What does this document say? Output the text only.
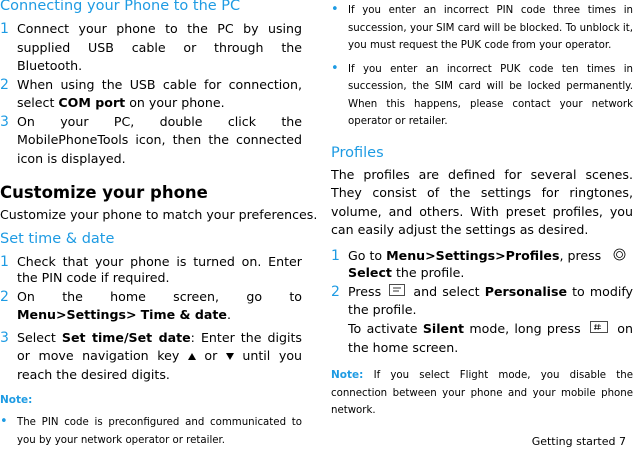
Connecting your Phone to the PC
1 Connect your phone to the PC by using supplied USB cable or through the Bluetooth.
2 When using the USB cable for connection, select COM port on your phone.
3 On your PC, double click the MobilePhoneTools icon, then the connected icon is displayed.
Customize your phone
Customize your phone to match your preferences.
Set time & date
1 Check that your phone is turned on. Enter the PIN code if required.
2 On the home screen, go to Menu>Settings> Time & date.
3 Select Set time/Set date: Enter the digits or move navigation key  or  until you reach the desired digits.
Note:
• The PIN code is preconfigured and communicated to you by your network operator or retailer.
• If you enter an incorrect PIN code three times in succession, your SIM card will be blocked. To unblock it, you must request the PUK code from your operator.
• If you enter an incorrect PUK code ten times in succession, the SIM card will be locked permanently. When this happens, please contact your network operator or retailer.
Profiles
The profiles are defined for several scenes. They consist of the settings for ringtones, volume, and others. With preset profiles, you can easily adjust the settings as desired.
1 Go to Menu>Settings>Profiles, press
Select the profile.
2 Press  and select Personalise to modify the profile.
To activate Silent mode, long press  on the home screen.
Note: If you select Flight mode, you disable the connection between your phone and your mobile phone network.
Getting started 7
